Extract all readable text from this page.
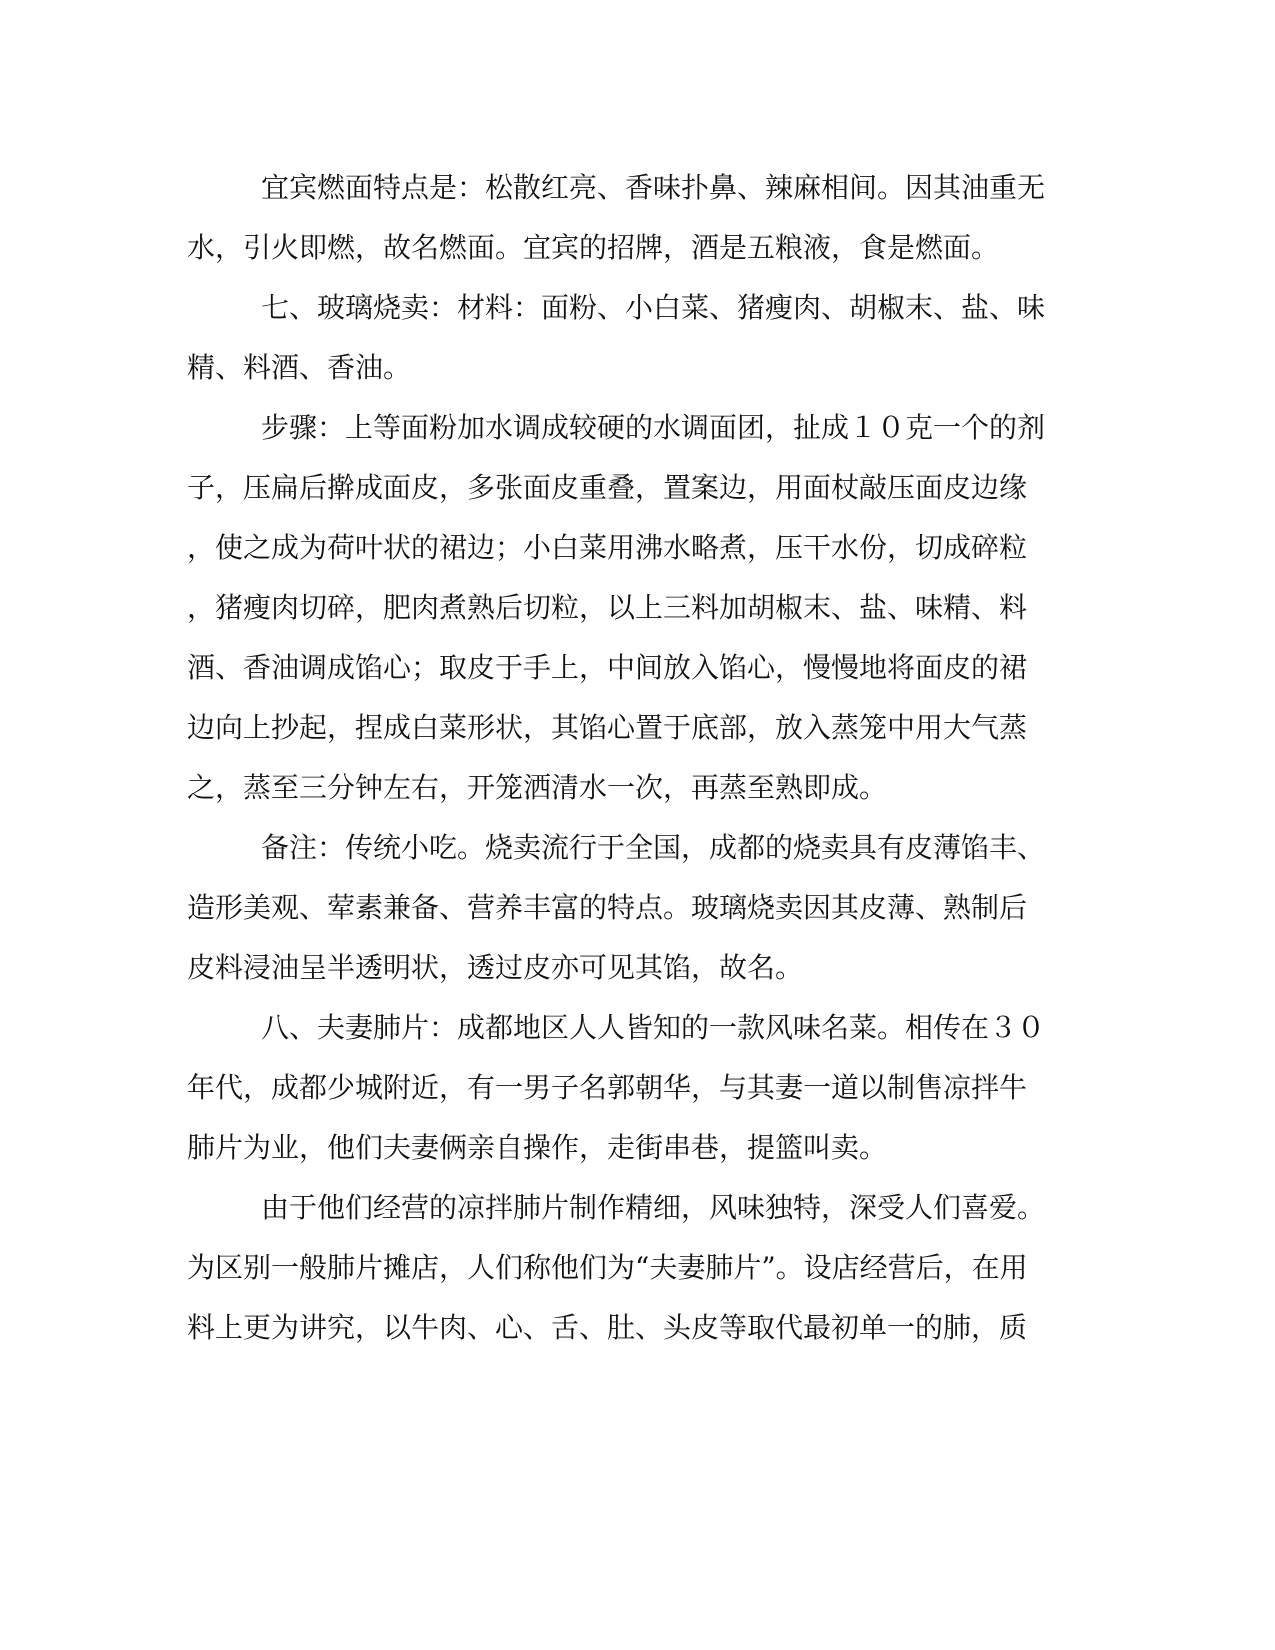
宜宾燃面特点是：松散红亮、香味扑鼻、辣麻相间。因其油重无
水，引火即燃，故名燃面。宜宾的招牌，酒是五粮液，食是燃面。
七、玻璃烧卖：材料：面粉、小白菜、猪瘦肉、胡椒末、盐、味
精、料酒、香油。
步骤：上等面粉加水调成较硬的水调面团，扯成１０克一个的剂
子，压扁后擀成面皮，多张面皮重叠，置案边，用面杖敲压面皮边缘
，使之成为荷叶状的裙边；小白菜用沸水略煮，压干水份，切成碎粒
，猪瘦肉切碎，肥肉煮熟后切粒，以上三料加胡椒末、盐、味精、料
酒、香油调成馅心；取皮于手上，中间放入馅心，慢慢地将面皮的裙
边向上抄起，捏成白菜形状，其馅心置于底部，放入蒸笼中用大气蒸
之，蒸至三分钟左右，开笼洒清水一次，再蒸至熟即成。
备注：传统小吃。烧卖流行于全国，成都的烧卖具有皮薄馅丰、
造形美观、荤素兼备、营养丰富的特点。玻璃烧卖因其皮薄、熟制后
皮料浸油呈半透明状，透过皮亦可见其馅，故名。
八、夫妻肺片：成都地区人人皆知的一款风味名菜。相传在３０
年代，成都少城附近，有一男子名郭朝华，与其妻一道以制售凉拌牛
肺片为业，他们夫妻俩亲自操作，走街串巷，提篮叫卖。
由于他们经营的凉拌肺片制作精细，风味独特，深受人们喜爱。
为区别一般肺片摊店，人们称他们为“夫妻肺片”。设店经营后，在用
料上更为讲究，以牛肉、心、舌、肚、头皮等取代最初单一的肺，质
